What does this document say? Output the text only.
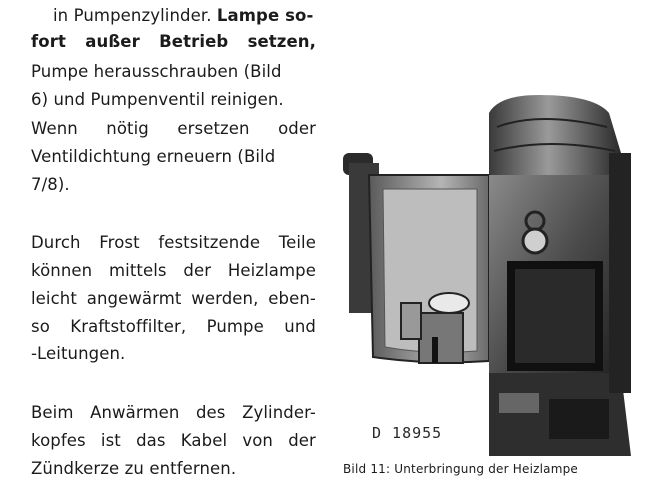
in Pumpenzylinder. Lampe so-
fort außer Betrieb setzen,
Pumpe herausschrauben (Bild
6) und Pumpenventil reinigen.
Wenn nötig ersetzen oder
Ventildichtung erneuern (Bild
7/8).
Durch Frost festsitzende Teile
können mittels der Heizlampe
leicht angewärmt werden, eben-
so Kraftstoffilter, Pumpe und
-Leitungen.
Beim Anwärmen des Zylinder-
kopfes ist das Kabel von der
Zündkerze zu entfernen.
D 18955
Bild 11: Unterbringung der Heizlampe
